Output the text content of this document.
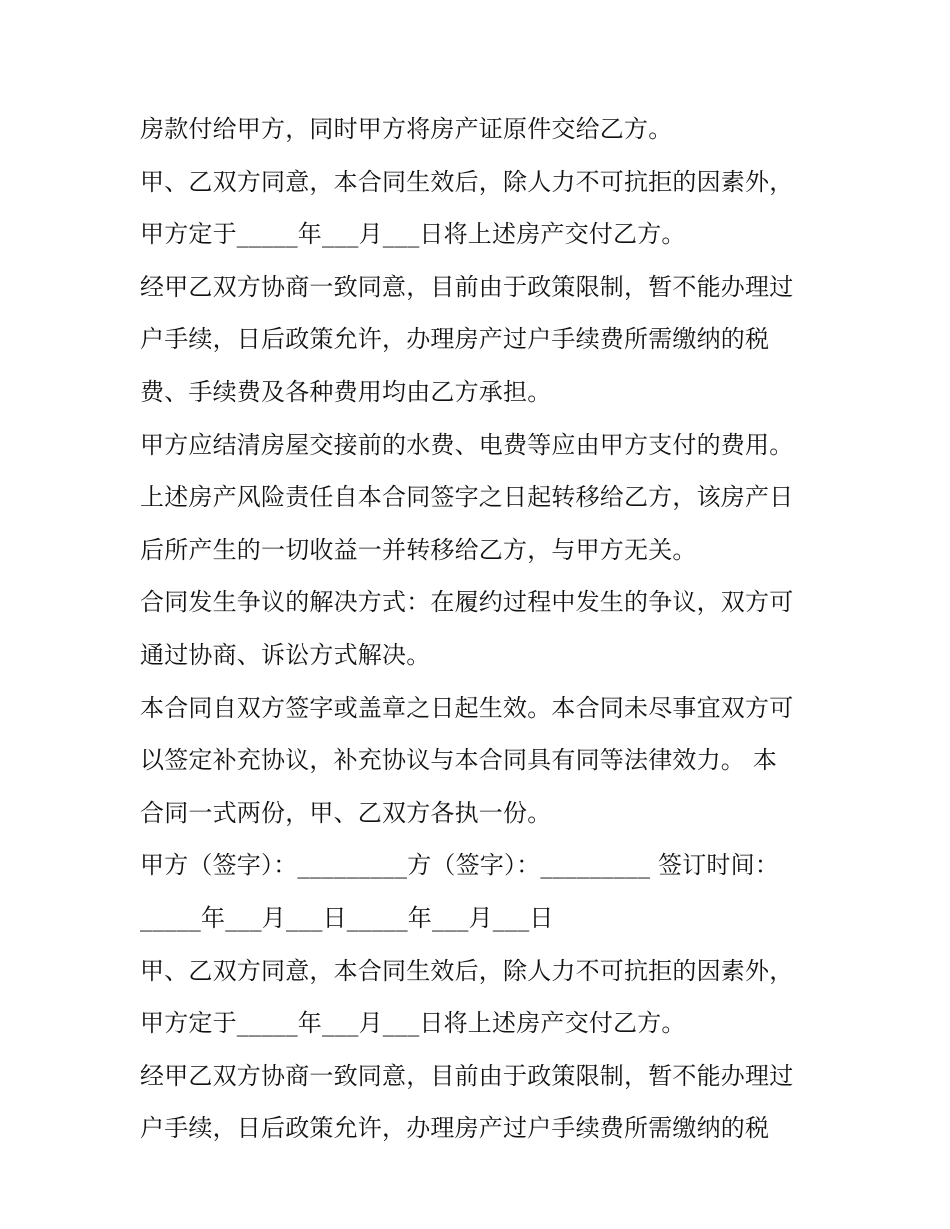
房款付给甲方，同时甲方将房产证原件交给乙方。
甲、乙双方同意，本合同生效后，除人力不可抗拒的因素外，
甲方定于_____年___月___日将上述房产交付乙方。
经甲乙双方协商一致同意，目前由于政策限制，暂不能办理过
户手续，日后政策允许，办理房产过户手续费所需缴纳的税
费、手续费及各种费用均由乙方承担。
甲方应结清房屋交接前的水费、电费等应由甲方支付的费用。
上述房产风险责任自本合同签字之日起转移给乙方，该房产日
后所产生的一切收益一并转移给乙方，与甲方无关。
合同发生争议的解决方式：在履约过程中发生的争议，双方可
通过协商、诉讼方式解决。
本合同自双方签字或盖章之日起生效。本合同未尽事宜双方可
以签定补充协议，补充协议与本合同具有同等法律效力。 本
合同一式两份，甲、乙双方各执一份。
甲方（签字）：_________方（签字）：_________ 签订时间：
_____年___月___日_____年___月___日
甲、乙双方同意，本合同生效后，除人力不可抗拒的因素外，
甲方定于_____年___月___日将上述房产交付乙方。
经甲乙双方协商一致同意，目前由于政策限制，暂不能办理过
户手续，日后政策允许，办理房产过户手续费所需缴纳的税
